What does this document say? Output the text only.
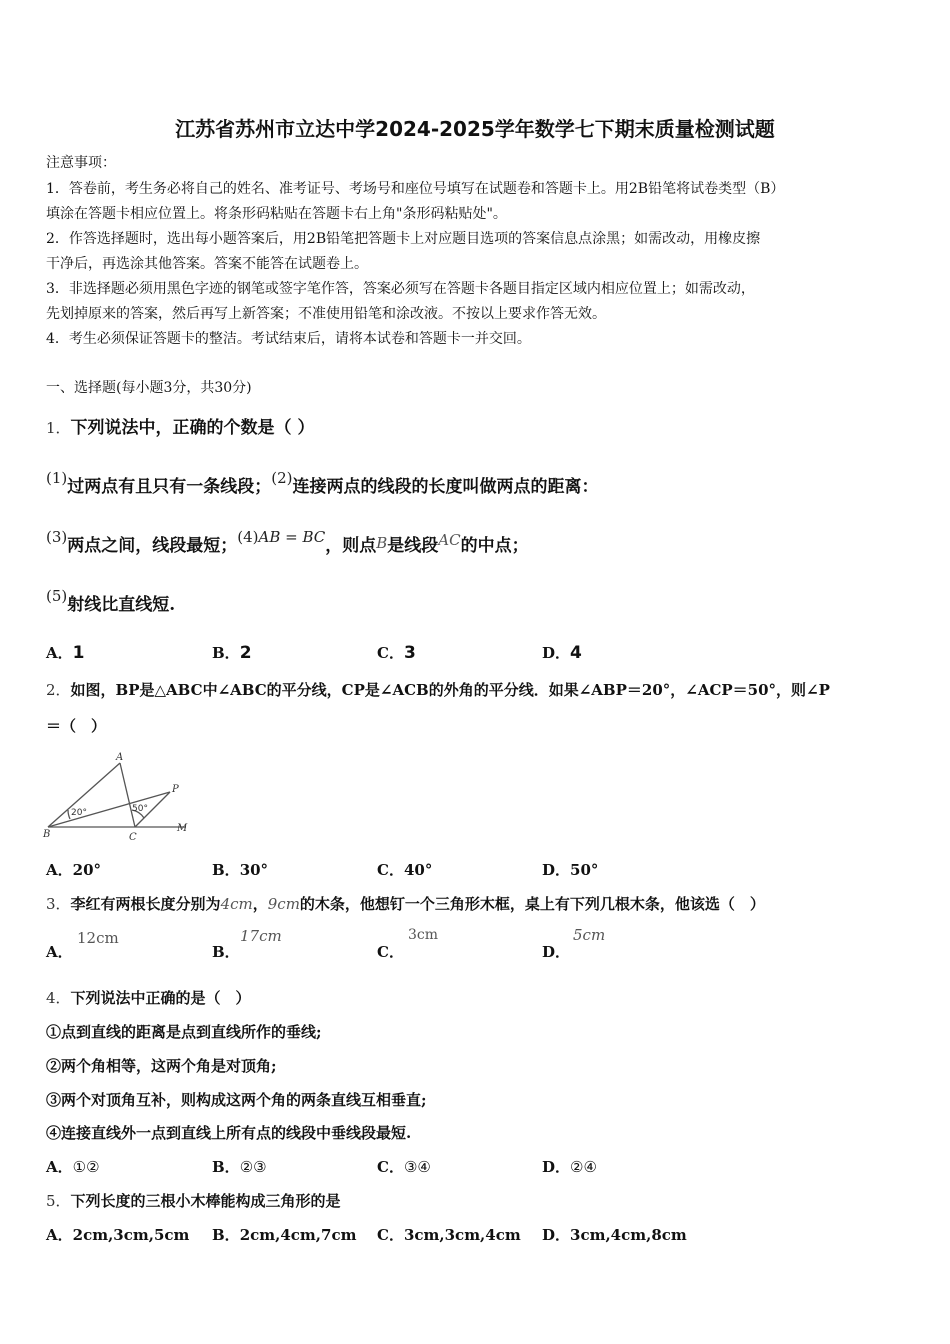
江苏省苏州市立达中学2024-2025学年数学七下期末质量检测试题
注意事项：
1．答卷前，考生务必将自己的姓名、准考证号、考场号和座位号填写在试题卷和答题卡上。用2B铅笔将试卷类型（B）
填涂在答题卡相应位置上。将条形码粘贴在答题卡右上角"条形码粘贴处"。
2．作答选择题时，选出每小题答案后，用2B铅笔把答题卡上对应题目选项的答案信息点涂黑；如需改动，用橡皮擦
干净后，再选涂其他答案。答案不能答在试题卷上。
3．非选择题必须用黑色字迹的钢笔或签字笔作答，答案必须写在答题卡各题目指定区域内相应位置上；如需改动，
先划掉原来的答案，然后再写上新答案；不准使用铅笔和涂改液。不按以上要求作答无效。
4．考生必须保证答题卡的整洁。考试结束后，请将本试卷和答题卡一并交回。
一、选择题(每小题3分，共30分)
1．下列说法中，正确的个数是（ ）
(1)过两点有且只有一条线段；(2)连接两点的线段的长度叫做两点的距离：
(3)两点之间，线段最短；(4)AB = BC，则点B是线段AC的中点；
(5)射线比直线短.
A．1	B．2	C．3	D．4
2．如图，BP是△ABC中∠ABC的平分线，CP是∠ACB的外角的平分线．如果∠ABP＝20°，∠ACP＝50°，则∠P
＝（　）
A
B	C
P
M
20°	50°
A．20°	B．30°	C．40°	D．50°
3．李红有两根长度分别为4cm，9cm的木条，他想钉一个三角形木框，桌上有下列几根木条，他该选（　）
A．
12cm
B．
17cm
C．
3cm
D．
5cm
4．下列说法中正确的是（　）
①点到直线的距离是点到直线所作的垂线;
②两个角相等，这两个角是对顶角;
③两个对顶角互补，则构成这两个角的两条直线互相垂直;
④连接直线外一点到直线上所有点的线段中垂线段最短.
A．①②	B．②③	C．③④	D．②④
5．下列长度的三根小木棒能构成三角形的是
A．2cm,3cm,5cm B．2cm,4cm,7cm C．3cm,3cm,4cm D．3cm,4cm,8cm
